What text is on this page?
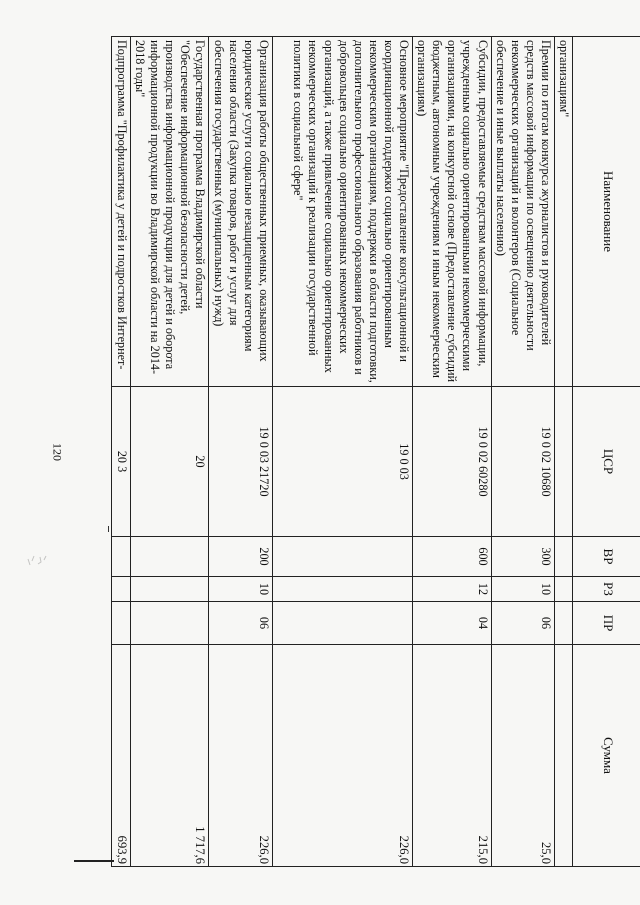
120
Наименование	ЦСР	ВР	РЗ	ПР	Сумма
организациям"					
Премии по итогам конкурса журналистов и руководителей средств массовой информации по освещению деятельности некоммерческих организаций и волонтеров (Социальное обеспечение и иные выплаты населению)	19 0 02 10680	300	10	06	25,0
Субсидии, предоставляемые средствам массовой информации, учрежденным социально ориентированными некоммерческими организациями, на конкурсной основе (Предоставление субсидий бюджетным, автономным учреждениям и иным некоммерческим организациям)	19 0 02 60280	600	12	04	215,0
Основное мероприятие "Предоставление консультационной и координационной поддержки социально ориентированным некоммерческим организациям, поддержки в области подготовки, дополнительного профессионального образования работников и добровольцев социально ориентированных некоммерческих организаций, а также привлечение социально ориентированных некоммерческих организаций к реализации государственной политики в социальной сфере"	19 0 03				226,0
Организация работы общественных приемных, оказывающих юридические услуги социально незащищенным категориям населения области (Закупка товаров, работ и услуг для обеспечения государственных (муниципальных) нужд)	19 0 03 21720	200	10	06	226,0
Государственная программа Владимирской области "Обеспечение информационной безопасности детей, производства информационной продукции для детей и оборота информационной продукции во Владимирской области на 2014-2018 годы"	20				1 717,6
Подпрограмма "Профилактика у детей и подростков Интернет-	20 3				693,9
